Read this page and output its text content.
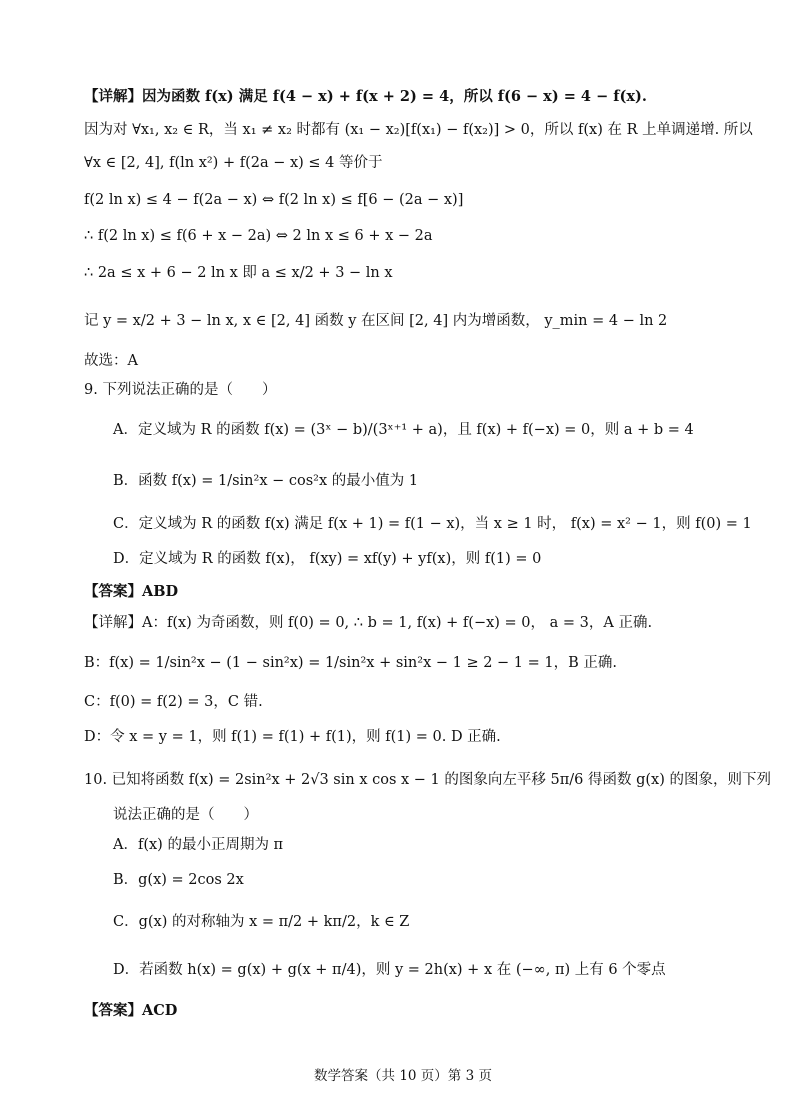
【详解】因为函数 f(x) 满足 f(4 − x) + f(x + 2) = 4，所以 f(6 − x) = 4 − f(x).
因为对 ∀x₁, x₂ ∈ R，当 x₁ ≠ x₂ 时都有 (x₁ − x₂)[f(x₁) − f(x₂)] > 0，所以 f(x) 在 R 上单调递增. 所以
∀x ∈ [2, 4], f(ln x²) + f(2a − x) ≤ 4 等价于
f(2 ln x) ≤ 4 − f(2a − x) ⇔ f(2 ln x) ≤ f[6 − (2a − x)]
∴ f(2 ln x) ≤ f(6 + x − 2a) ⇔ 2 ln x ≤ 6 + x − 2a
∴ 2a ≤ x + 6 − 2 ln x 即 a ≤ x/2 + 3 − ln x
记 y = x/2 + 3 − ln x, x ∈ [2, 4] 函数 y 在区间 [2, 4] 内为增函数， y_min = 4 − ln 2
故选：A
9. 下列说法正确的是（　　）
A．定义域为 R 的函数 f(x) = (3ˣ − b)/(3ˣ⁺¹ + a)，且 f(x) + f(−x) = 0，则 a + b = 4
B．函数 f(x) = 1/sin²x − cos²x 的最小值为 1
C．定义域为 R 的函数 f(x) 满足 f(x + 1) = f(1 − x)，当 x ≥ 1 时， f(x) = x² − 1，则 f(0) = 1
D．定义域为 R 的函数 f(x)， f(xy) = xf(y) + yf(x)，则 f(1) = 0
【答案】ABD
【详解】A：f(x) 为奇函数，则 f(0) = 0, ∴ b = 1, f(x) + f(−x) = 0， a = 3，A 正确.
B：f(x) = 1/sin²x − (1 − sin²x) = 1/sin²x + sin²x − 1 ≥ 2 − 1 = 1，B 正确.
C：f(0) = f(2) = 3，C 错.
D：令 x = y = 1，则 f(1) = f(1) + f(1)，则 f(1) = 0. D 正确.
10. 已知将函数 f(x) = 2sin²x + 2√3 sin x cos x − 1 的图象向左平移 5π/6 得函数 g(x) 的图象，则下列
说法正确的是（　　）
A．f(x) 的最小正周期为 π
B．g(x) = 2cos 2x
C．g(x) 的对称轴为 x = π/2 + kπ/2，k ∈ Z
D．若函数 h(x) = g(x) + g(x + π/4)，则 y = 2h(x) + x 在 (−∞, π) 上有 6 个零点
【答案】ACD
数学答案（共 10 页）第 3 页
